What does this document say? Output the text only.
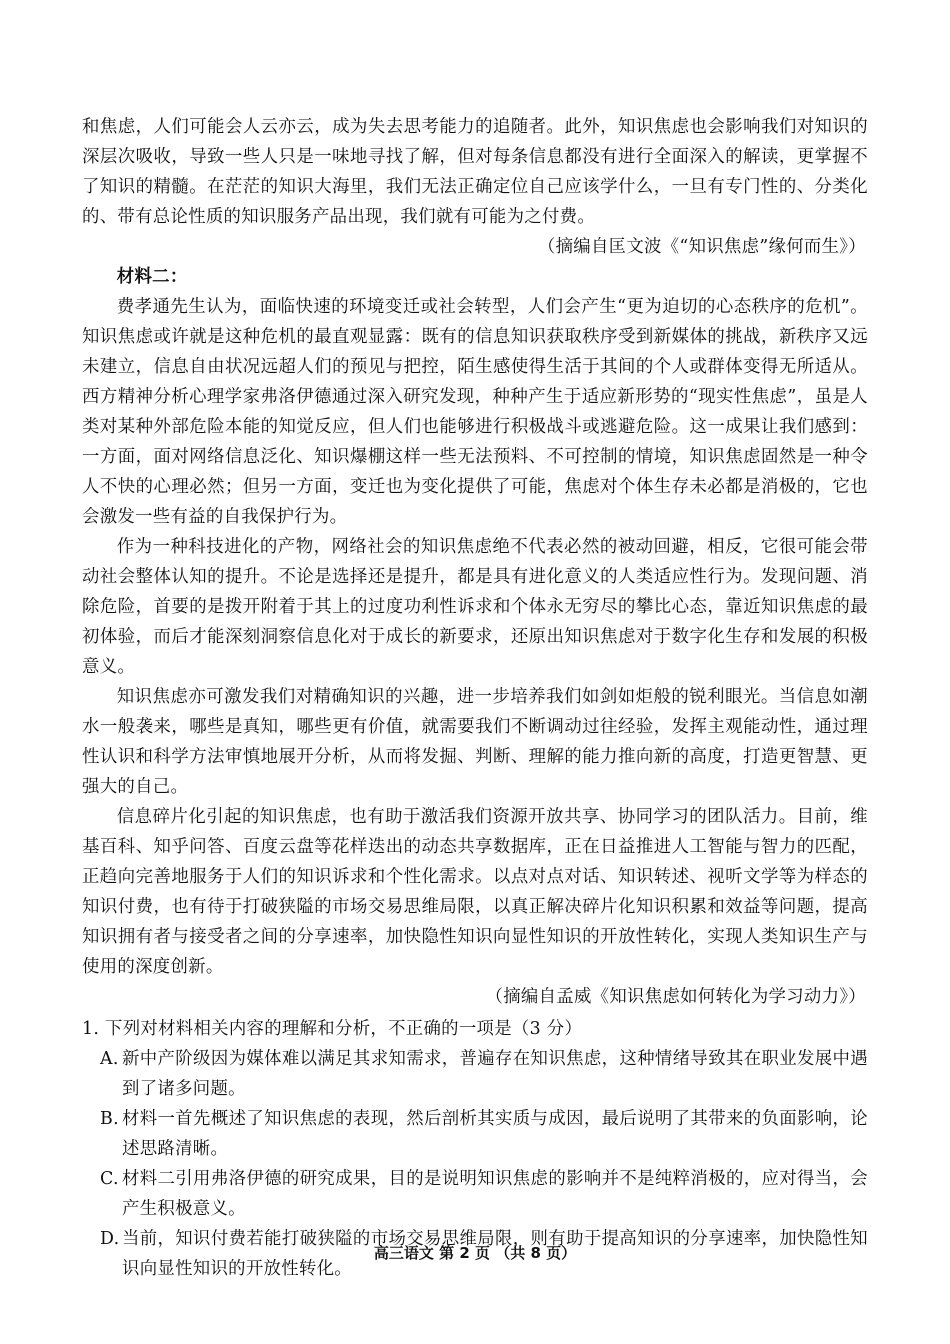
和焦虑，人们可能会人云亦云，成为失去思考能力的追随者。此外，知识焦虑也会影响我们对知识的深层次吸收，导致一些人只是一味地寻找了解，但对每条信息都没有进行全面深入的解读，更掌握不了知识的精髓。在茫茫的知识大海里，我们无法正确定位自己应该学什么，一旦有专门性的、分类化的、带有总论性质的知识服务产品出现，我们就有可能为之付费。

（摘编自匡文波《“知识焦虑”缘何而生》）

材料二：

费孝通先生认为，面临快速的环境变迁或社会转型，人们会产生“更为迫切的心态秩序的危机”。知识焦虑或许就是这种危机的最直观显露：既有的信息知识获取秩序受到新媒体的挑战，新秩序又远未建立，信息自由状况远超人们的预见与把控，陌生感使得生活于其间的个人或群体变得无所适从。西方精神分析心理学家弗洛伊德通过深入研究发现，种种产生于适应新形势的“现实性焦虑”，虽是人类对某种外部危险本能的知觉反应，但人们也能够进行积极战斗或逃避危险。这一成果让我们感到：一方面，面对网络信息泛化、知识爆棚这样一些无法预料、不可控制的情境，知识焦虑固然是一种令人不快的心理必然；但另一方面，变迁也为变化提供了可能，焦虑对个体生存未必都是消极的，它也会激发一些有益的自我保护行为。

作为一种科技进化的产物，网络社会的知识焦虑绝不代表必然的被动回避，相反，它很可能会带动社会整体认知的提升。不论是选择还是提升，都是具有进化意义的人类适应性行为。发现问题、消除危险，首要的是拨开附着于其上的过度功利性诉求和个体永无穷尽的攀比心态，靠近知识焦虑的最初体验，而后才能深刻洞察信息化对于成长的新要求，还原出知识焦虑对于数字化生存和发展的积极意义。

知识焦虑亦可激发我们对精确知识的兴趣，进一步培养我们如剑如炬般的锐利眼光。当信息如潮水一般袭来，哪些是真知，哪些更有价值，就需要我们不断调动过往经验，发挥主观能动性，通过理性认识和科学方法审慎地展开分析，从而将发掘、判断、理解的能力推向新的高度，打造更智慧、更强大的自己。

信息碎片化引起的知识焦虑，也有助于激活我们资源开放共享、协同学习的团队活力。目前，维基百科、知乎问答、百度云盘等花样迭出的动态共享数据库，正在日益推进人工智能与智力的匹配，正趋向完善地服务于人们的知识诉求和个性化需求。以点对点对话、知识转述、视听文学等为样态的知识付费，也有待于打破狭隘的市场交易思维局限，以真正解决碎片化知识积累和效益等问题，提高知识拥有者与接受者之间的分享速率，加快隐性知识向显性知识的开放性转化，实现人类知识生产与使用的深度创新。

（摘编自孟威《知识焦虑如何转化为学习动力》）

1. 下列对材料相关内容的理解和分析，不正确的一项是（3 分）

A. 新中产阶级因为媒体难以满足其求知需求，普遍存在知识焦虑，这种情绪导致其在职业发展中遇到了诸多问题。
B. 材料一首先概述了知识焦虑的表现，然后剖析其实质与成因，最后说明了其带来的负面影响，论述思路清晰。
C. 材料二引用弗洛伊德的研究成果，目的是说明知识焦虑的影响并不是纯粹消极的，应对得当，会产生积极意义。
D. 当前，知识付费若能打破狭隘的市场交易思维局限，则有助于提高知识的分享速率，加快隐性知识向显性知识的开放性转化。
高三语文 第 2 页 （共 8 页）
